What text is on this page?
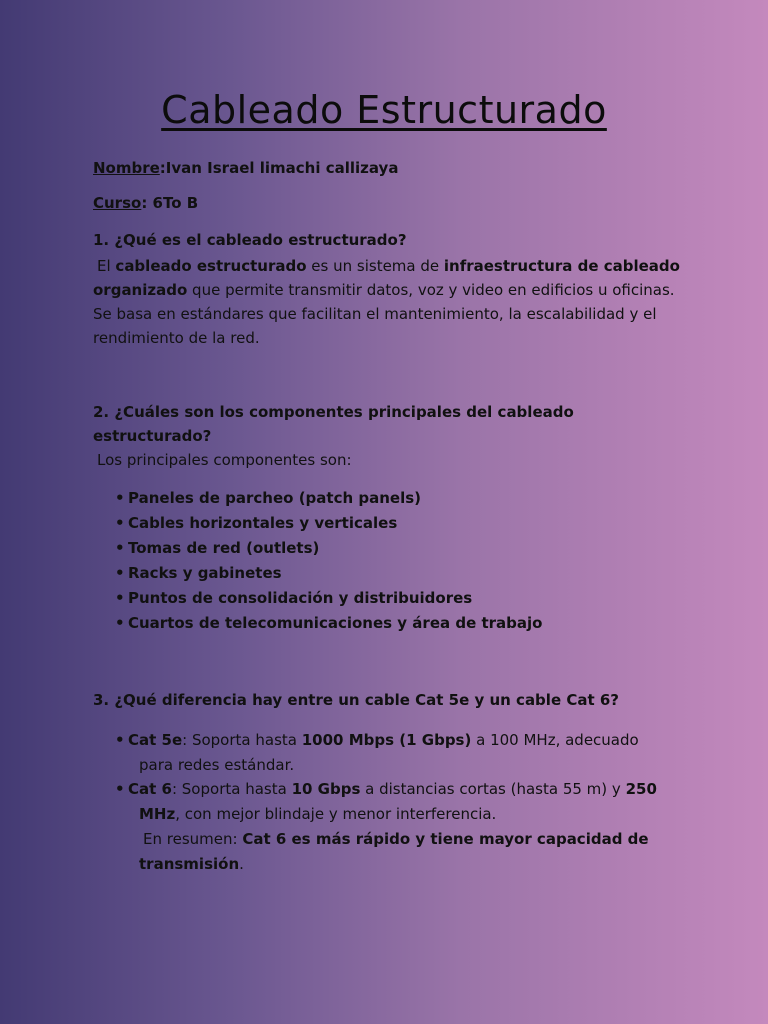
Cableado Estructurado
Nombre:Ivan Israel limachi callizaya
Curso: 6To B
1. ¿Qué es el cableado estructurado?
El cableado estructurado es un sistema de infraestructura de cableado organizado que permite transmitir datos, voz y video en edificios u oficinas. Se basa en estándares que facilitan el mantenimiento, la escalabilidad y el rendimiento de la red.
2. ¿Cuáles son los componentes principales del cableado
estructurado?
Los principales componentes son:
• Paneles de parcheo (patch panels)
• Cables horizontales y verticales
• Tomas de red (outlets)
• Racks y gabinetes
• Puntos de consolidación y distribuidores
• Cuartos de telecomunicaciones y área de trabajo
3. ¿Qué diferencia hay entre un cable Cat 5e y un cable Cat 6?
• Cat 5e: Soporta hasta 1000 Mbps (1 Gbps) a 100 MHz, adecuado
para redes estándar.
• Cat 6: Soporta hasta 10 Gbps a distancias cortas (hasta 55 m) y 250
MHz, con mejor blindaje y menor interferencia.
En resumen: Cat 6 es más rápido y tiene mayor capacidad de
transmisión.
